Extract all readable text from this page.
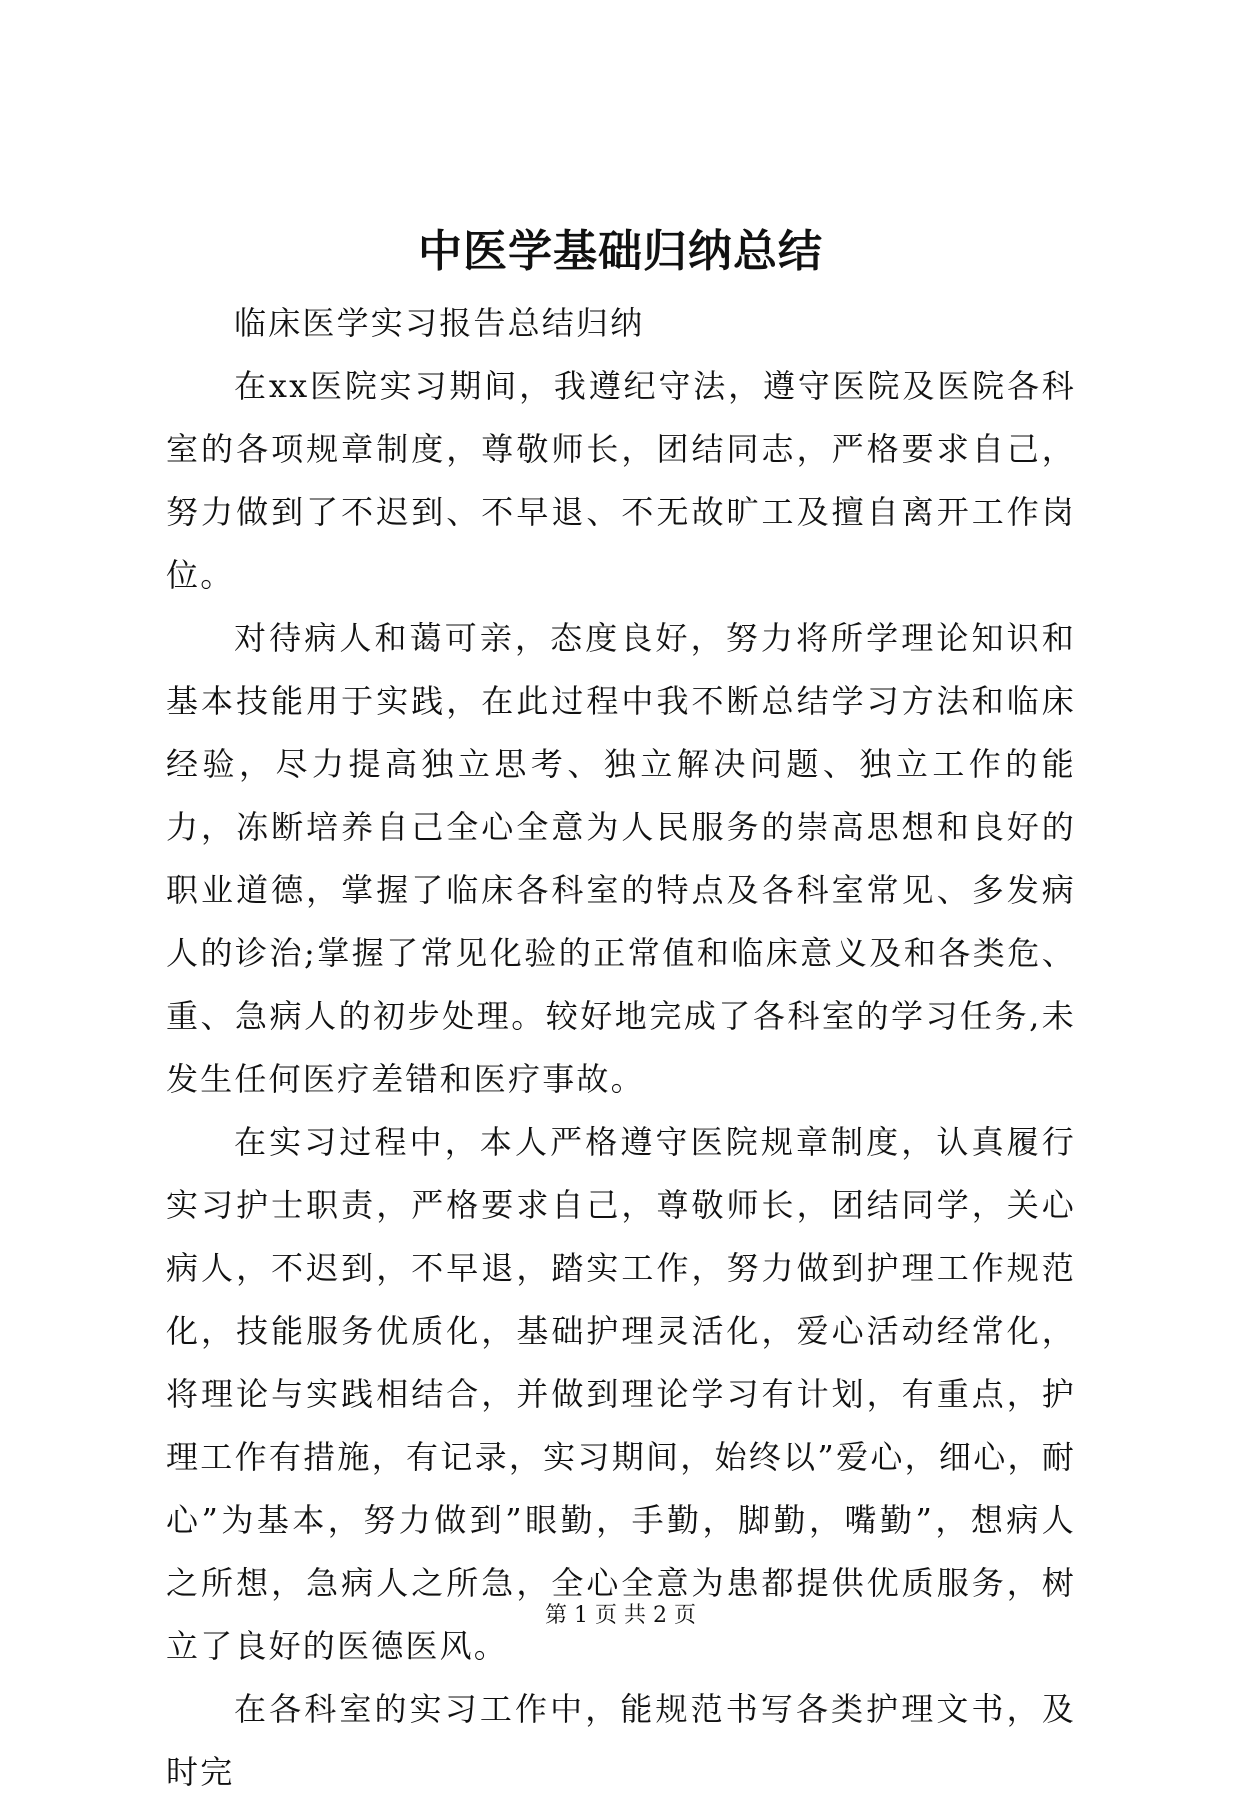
中医学基础归纳总结

临床医学实习报告总结归纳

在xx医院实习期间，我遵纪守法，遵守医院及医院各科室的各项规章制度，尊敬师长，团结同志，严格要求自己，努力做到了不迟到、不早退、不无故旷工及擅自离开工作岗位。

对待病人和蔼可亲，态度良好，努力将所学理论知识和基本技能用于实践，在此过程中我不断总结学习方法和临床经验，尽力提高独立思考、独立解决问题、独立工作的能力，冻断培养自己全心全意为人民服务的崇高思想和良好的职业道德，掌握了临床各科室的特点及各科室常见、多发病人的诊治;掌握了常见化验的正常值和临床意义及和各类危、重、急病人的初步处理。较好地完成了各科室的学习任务,未发生任何医疗差错和医疗事故。

在实习过程中，本人严格遵守医院规章制度，认真履行实习护士职责，严格要求自己，尊敬师长，团结同学，关心病人，不迟到，不早退，踏实工作，努力做到护理工作规范化，技能服务优质化，基础护理灵活化，爱心活动经常化，将理论与实践相结合，并做到理论学习有计划，有重点，护理工作有措施，有记录，实习期间，始终以”爱心，细心，耐心”为基本，努力做到”眼勤，手勤，脚勤，嘴勤”，想病人之所想，急病人之所急，全心全意为患都提供优质服务，树立了良好的医德医风。

在各科室的实习工作中，能规范书写各类护理文书，及时完

第 1 页 共 2 页
